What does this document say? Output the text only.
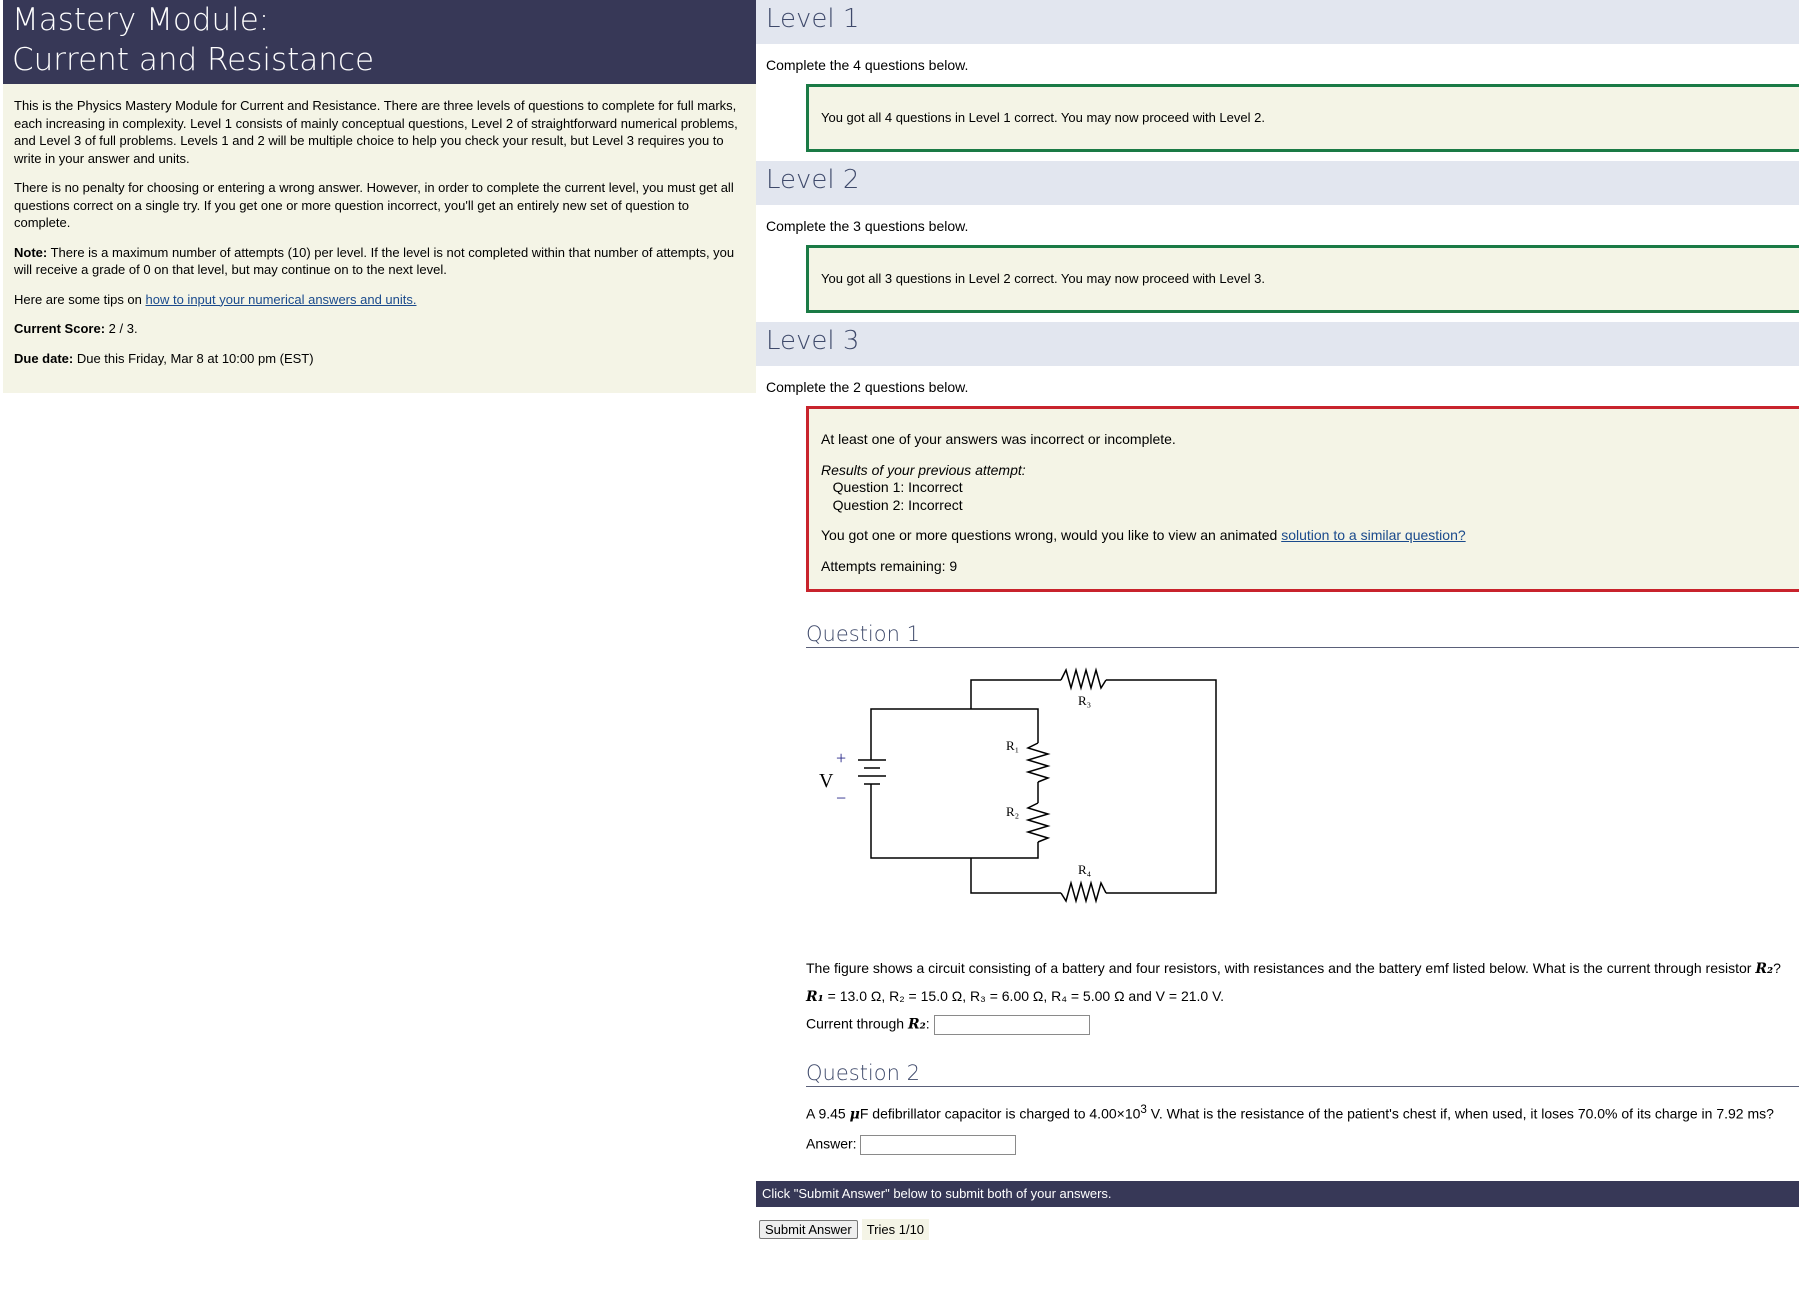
Mastery Module:
Current and Resistance

This is the Physics Mastery Module for Current and Resistance. There are three levels of questions to complete for full marks, each increasing in complexity. Level 1 consists of mainly conceptual questions, Level 2 of straightforward numerical problems, and Level 3 of full problems. Levels 1 and 2 will be multiple choice to help you check your result, but Level 3 requires you to write in your answer and units.

There is no penalty for choosing or entering a wrong answer. However, in order to complete the current level, you must get all questions correct on a single try. If you get one or more question incorrect, you'll get an entirely new set of question to complete.

Note: There is a maximum number of attempts (10) per level. If the level is not completed within that number of attempts, you will receive a grade of 0 on that level, but may continue on to the next level.

Here are some tips on how to input your numerical answers and units.

Current Score: 2 / 3.

Due date: Due this Friday, Mar 8 at 10:00 pm (EST)

Level 1
Complete the 4 questions below.
You got all 4 questions in Level 1 correct. You may now proceed with Level 2.
Level 2
Complete the 3 questions below.
You got all 3 questions in Level 2 correct. You may now proceed with Level 3.
Level 3
Complete the 2 questions below.

At least one of your answers was incorrect or incomplete.

Results of your previous attempt:
Question 1: Incorrect
Question 2: Incorrect

You got one or more questions wrong, would you like to view an animated solution to a similar question?

Attempts remaining: 9

Question 1
V
+
−
R₁
R₂
R₃
R₄

The figure shows a circuit consisting of a battery and four resistors, with resistances and the battery emf listed below. What is the current through resistor R₂?

R₁ = 13.0 Ω, R₂ = 15.0 Ω, R₃ = 6.00 Ω, R₄ = 5.00 Ω and V = 21.0 V.

Current through R₂:

Question 2

A 9.45 μF defibrillator capacitor is charged to $4.00\times 10^3$ V. What is the resistance of the patient's chest if, when used, it loses 70.0% of its charge in 7.92 ms?

Answer:

Click "Submit Answer" below to submit both of your answers.
Submit Answer Tries 1/10
